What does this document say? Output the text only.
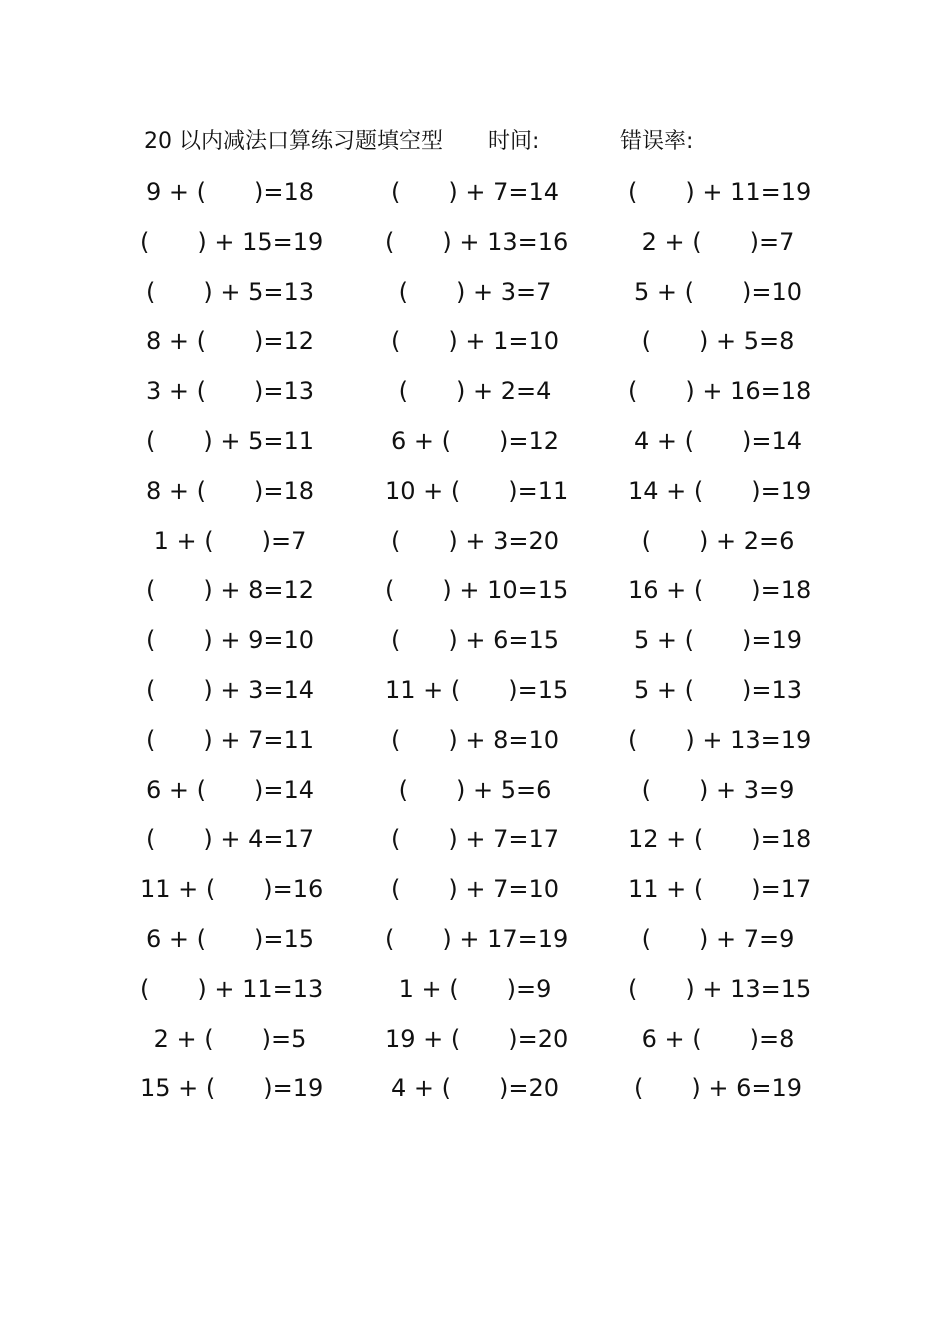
20 以内减法口算练习题填空型 时间:	错误率:
9 + (　　)=18	(　　) + 7=14	(　　) + 11=19
(　　) + 15=19	(　　) + 13=16	2 + (　　)=7
(　　) + 5=13	(　　) + 3=7	5 + (　　)=10
8 + (　　)=12	(　　) + 1=10	(　　) + 5=8
3 + (　　)=13	(　　) + 2=4	(　　) + 16=18
(　　) + 5=11	6 + (　　)=12	4 + (　　)=14
8 + (　　)=18	10 + (　　)=11 14 + (　　)=19
1 + (　　)=7	(　　) + 3=20	(　　) + 2=6
(　　) + 8=12	(　　) + 10=15 16 + (　　)=18
(　　) + 9=10	(　　) + 6=15	5 + (　　)=19
(　　) + 3=14	11 + (　　)=15	5 + (　　)=13
(　　) + 7=11	(　　) + 8=10	(　　) + 13=19
6 + (　　)=14	(　　) + 5=6	(　　) + 3=9
(　　) + 4=17	(　　) + 7=17	12 + (　　)=18
11 + (　　)=16	(　　) + 7=10	11 + (　　)=17
6 + (　　)=15	(　　) + 17=19	(　　) + 7=9
(　　) + 11=13	1 + (　　)=9	(　　) + 13=15
2 + (　　)=5	19 + (　　)=20	6 + (　　)=8
15 + (　　)=19	4 + (　　)=20	(　　) + 6=19
